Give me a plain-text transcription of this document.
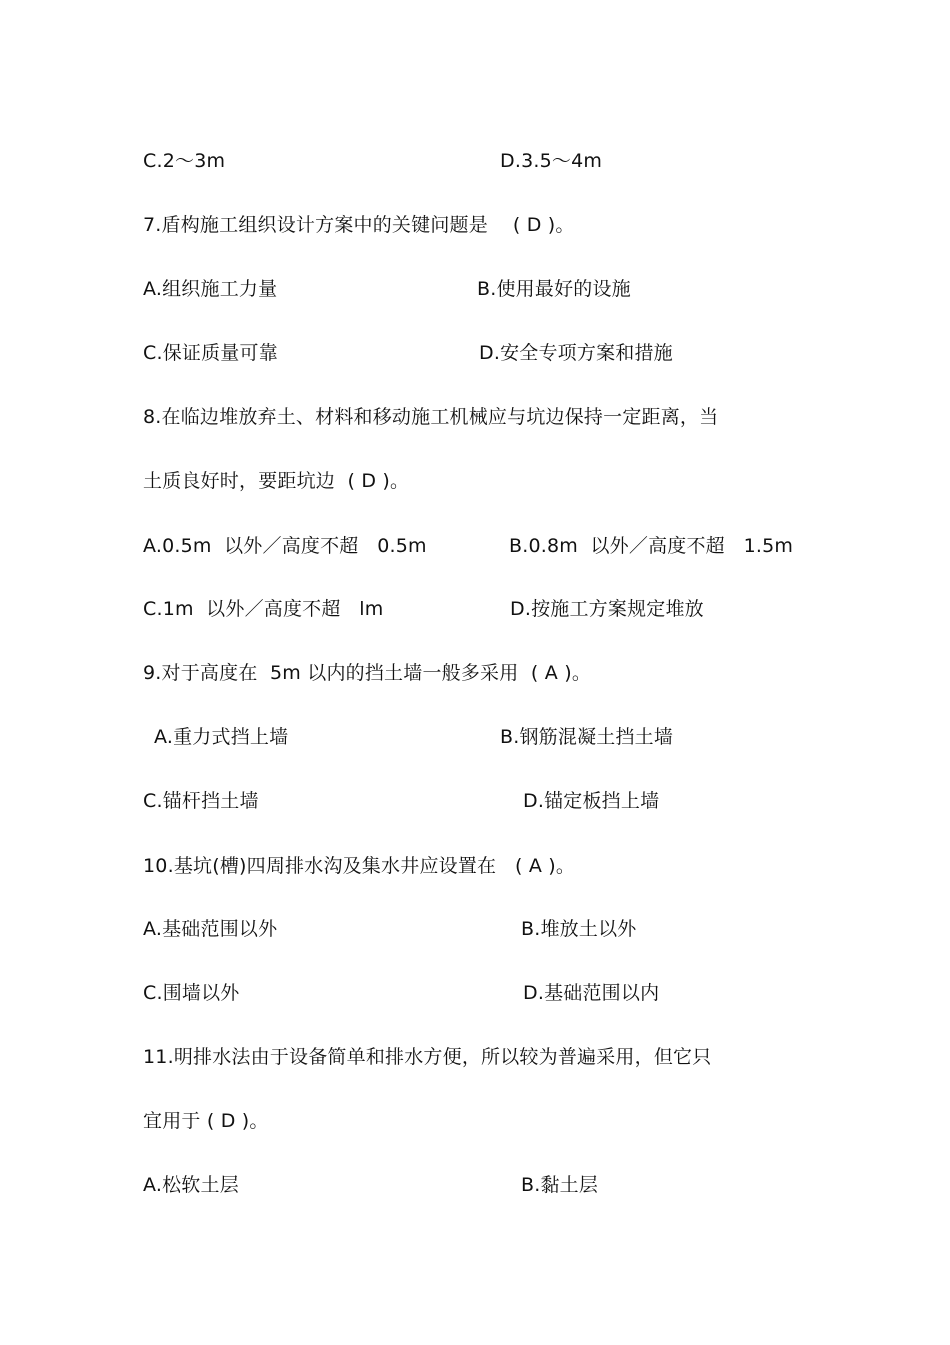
C.2～3m	D.3.5～4m
7.盾构施工组织设计方案中的关键问题是    ( D )。
A.组织施工力量	B.使用最好的设施
C.保证质量可靠	D.安全专项方案和措施
8.在临边堆放弃土、材料和移动施工机械应与坑边保持一定距离，当
土质良好时，要距坑边  ( D )。
A.0.5m  以外／高度不超   0.5m	B.0.8m  以外／高度不超   1.5m
C.1m  以外／高度不超   lm	D.按施工方案规定堆放
9.对于高度在  5m 以内的挡土墙一般多采用  ( A )。
A.重力式挡上墙	B.钢筋混凝土挡土墙
C.锚杆挡土墙	D.锚定板挡上墙
10.基坑(槽)四周排水沟及集水井应设置在   ( A )。
A.基础范围以外	B.堆放土以外
C.围墙以外	D.基础范围以内
11.明排水法由于设备简单和排水方便，所以较为普遍采用，但它只
宜用于 ( D )。
A.松软土层	B.黏土层
